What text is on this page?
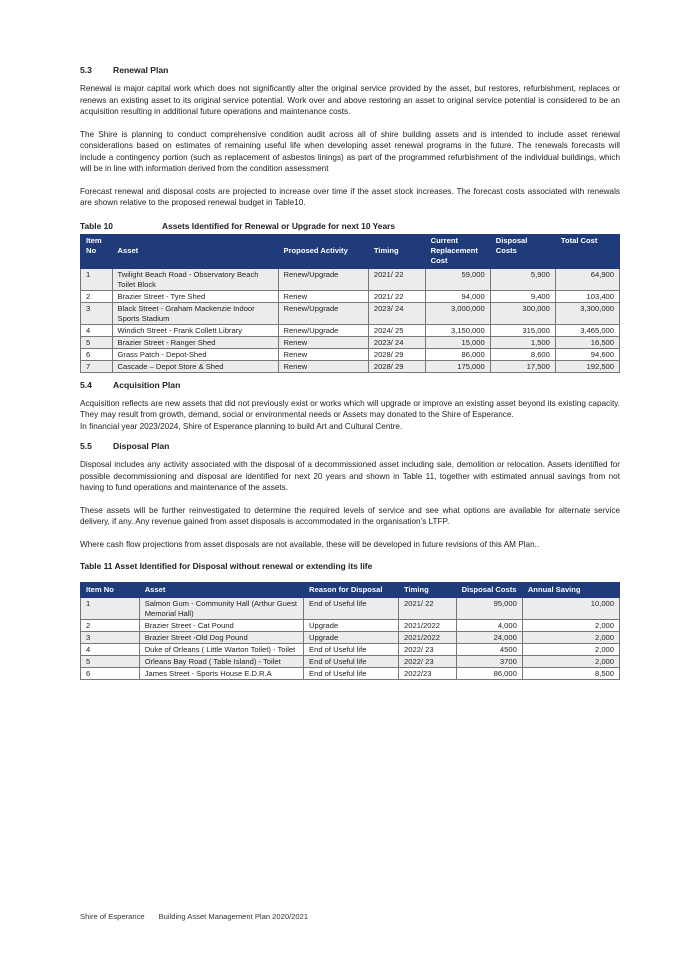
5.3 Renewal Plan

Renewal is major capital work which does not significantly alter the original service provided by the asset, but restores, refurbishment, replaces or renews an existing asset to its original service potential. Work over and above restoring an asset to original service potential is considered to be an acquisition resulting in additional future operations and maintenance costs.

The Shire is planning to conduct comprehensive condition audit across all of shire building assets and is intended to include asset renewal considerations based on estimates of remaining useful life when developing asset renewal programs in the future. The renewals forecasts will include a contingency portion (such as replacement of asbestos linings) as part of the programmed refurbishment of the individual buildings, which will be in line with information derived from the condition assessment

Forecast renewal and disposal costs are projected to increase over time if the asset stock increases. The forecast costs associated with renewals are shown relative to the proposed renewal budget in Table10.

Table 10	Assets Identified for Renewal or Upgrade for next 10 Years
Item No	Asset	Proposed Activity	Timing	Current Replacement Cost	Disposal Costs	Total Cost
1	Twilight Beach Road - Observatory Beach Toilet Block	Renew/Upgrade	2021/ 22	59,000	5,900	64,900
2	Brazier Street - Tyre Shed	Renew	2021/ 22	94,000	9,400	103,400
3	Black Street - Graham Mackenzie Indoor Sports Stadium	Renew/Upgrade	2023/ 24	3,000,000	300,000	3,300,000
4	Windich Street - Frank Collett Library	Renew/Upgrade	2024/ 25	3,150,000	315,000	3,465,000
5	Brazier Street - Ranger Shed	Renew	2023/ 24	15,000	1,500	16,500
6	Grass Patch - Depot-Shed	Renew	2028/ 29	86,000	8,600	94,600
7	Cascade – Depot Store & Shed	Renew	2028/ 29	175,000	17,500	192,500
5.4 Acquisition Plan

Acquisition reflects are new assets that did not previously exist or works which will upgrade or improve an existing asset beyond its existing capacity. They may result from growth, demand, social or environmental needs or Assets may donated to the Shire of Esperance.

In financial year 2023/2024, Shire of Esperance planning to build Art and Cultural Centre.

5.5 Disposal Plan

Disposal includes any activity associated with the disposal of a decommissioned asset including sale, demolition or relocation. Assets identified for possible decommissioning and disposal are identified for next 20 years and shown in Table 11, together with estimated annual savings from not having to fund operations and maintenance of the assets.

These assets will be further reinvestigated to determine the required levels of service and see what options are available for alternate service delivery, if any. Any revenue gained from asset disposals is accommodated in the organisation’s LTFP.

Where cash flow projections from asset disposals are not available, these will be developed in future revisions of this AM Plan..

Table 11 Asset Identified for Disposal without renewal or extending its life
Item No	Asset	Reason for Disposal	Timing	Disposal Costs	Annual Saving
1	Salmon Gum - Community Hall (Arthur Guest Memorial Hall)	End of Useful life	2021/ 22	95,000	10,000
2	Brazier Street - Cat Pound	Upgrade	2021/2022	4,000	2,000
3	Brazier Street -Old Dog Pound	Upgrade	2021/2022	24,000	2,000
4	Duke of Orleans ( Little Warton Toilet) - Toilet	End of Useful life	2022/ 23	4500	2,000
5	Orleans Bay Road ( Table Island) - Toilet	End of Useful life	2022/ 23	3700	2,000
6	James Street - Sports House E.D.R.A	End of Useful life	2022/23	86,000	8,500
Shire of Esperance Building Asset Management Plan 2020/2021
